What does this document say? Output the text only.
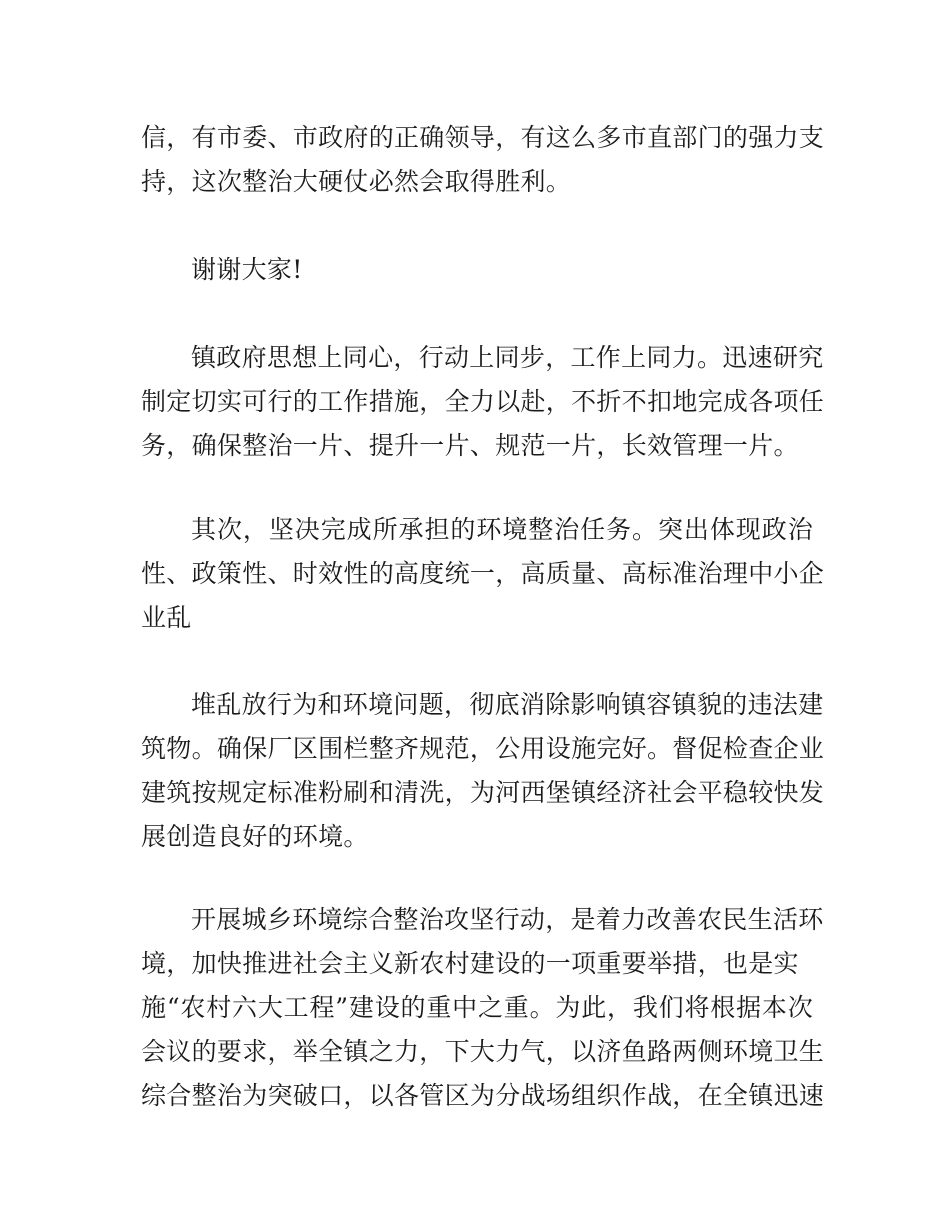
信，有市委、市政府的正确领导，有这么多市直部门的强力支
持，这次整治大硬仗必然会取得胜利。
谢谢大家!
镇政府思想上同心，行动上同步，工作上同力。迅速研究
制定切实可行的工作措施，全力以赴，不折不扣地完成各项任
务，确保整治一片、提升一片、规范一片，长效管理一片。
其次，坚决完成所承担的环境整治任务。突出体现政治
性、政策性、时效性的高度统一，高质量、高标准治理中小企
业乱
堆乱放行为和环境问题，彻底消除影响镇容镇貌的违法建
筑物。确保厂区围栏整齐规范，公用设施完好。督促检查企业
建筑按规定标准粉刷和清洗，为河西堡镇经济社会平稳较快发
展创造良好的环境。
开展城乡环境综合整治攻坚行动，是着力改善农民生活环
境，加快推进社会主义新农村建设的一项重要举措，也是实
施“农村六大工程”建设的重中之重。为此，我们将根据本次
会议的要求，举全镇之力，下大力气，以济鱼路两侧环境卫生
综合整治为突破口，以各管区为分战场组织作战，在全镇迅速
